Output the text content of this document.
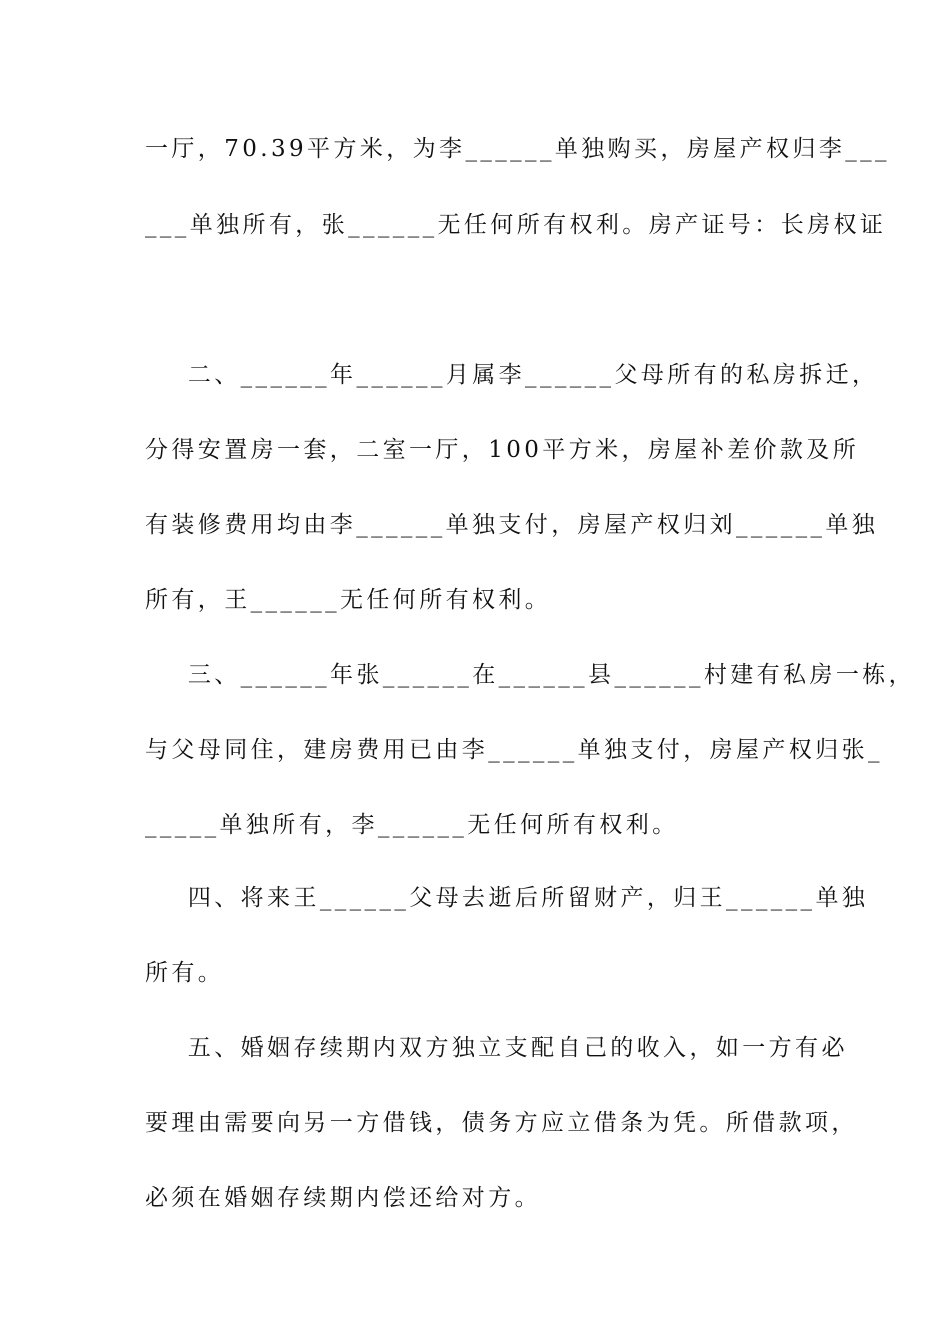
一厅，70.39平方米，为李______单独购买，房屋产权归李___
___单独所有，张______无任何所有权利。房产证号：长房权证
二、______年______月属李______父母所有的私房拆迁，
分得安置房一套，二室一厅，100平方米，房屋补差价款及所
有装修费用均由李______单独支付，房屋产权归刘______单独
所有，王______无任何所有权利。
三、______年张______在______县______村建有私房一栋，
与父母同住，建房费用已由李______单独支付，房屋产权归张_
_____单独所有，李______无任何所有权利。
四、将来王______父母去逝后所留财产，归王______单独
所有。
五、婚姻存续期内双方独立支配自己的收入，如一方有必
要理由需要向另一方借钱，债务方应立借条为凭。所借款项，
必须在婚姻存续期内偿还给对方。
